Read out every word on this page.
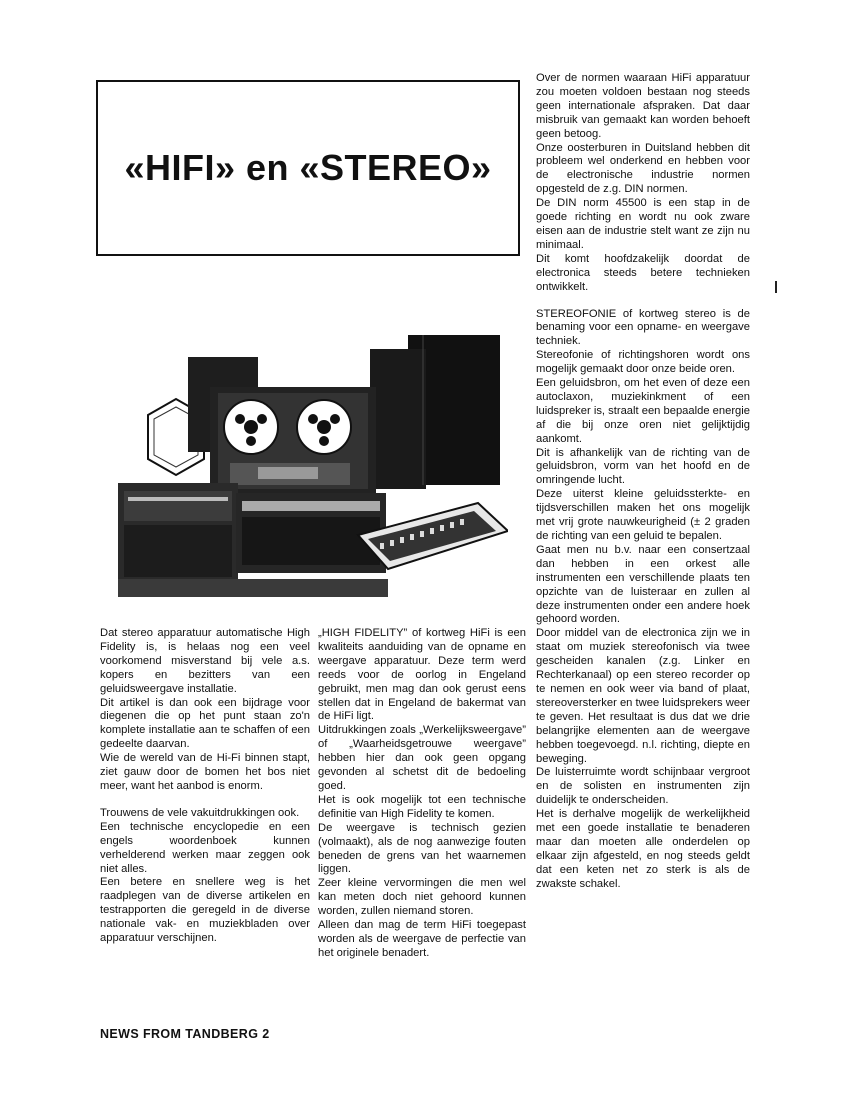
«HIFI» en «STEREO»

Over de normen waaraan HiFi apparatuur zou moeten voldoen bestaan nog steeds geen internationale afspraken. Dat daar misbruik van gemaakt kan worden behoeft geen betoog.

Onze oosterburen in Duitsland hebben dit probleem wel onderkend en hebben voor de electronische industrie normen opgesteld de z.g. DIN normen.

De DIN norm 45500 is een stap in de goede richting en wordt nu ook zware eisen aan de industrie stelt want ze zijn nu minimaal.

Dit komt hoofdzakelijk doordat de electronica steeds betere technieken ontwikkelt.

STEREOFONIE of kortweg stereo is de benaming voor een opname- en weergave techniek.

Stereofonie of richtingshoren wordt ons mogelijk gemaakt door onze beide oren.

Een geluidsbron, om het even of deze een autoclaxon, muziekinkment of een luidspreker is, straalt een bepaalde energie af die bij onze oren niet gelijktijdig aankomt.

Dit is afhankelijk van de richting van de geluidsbron, vorm van het hoofd en de omringende lucht.

Deze uiterst kleine geluidssterkte- en tijdsverschillen maken het ons mogelijk met vrij grote nauwkeurigheid (± 2 graden de richting van een geluid te bepalen.

Gaat men nu b.v. naar een consertzaal dan hebben in een orkest alle instrumenten een verschillende plaats ten opzichte van de luisteraar en zullen al deze instrumenten onder een andere hoek gehoord worden.

Door middel van de electronica zijn we in staat om muziek stereofonisch via twee gescheiden kanalen (z.g. Linker en Rechterkanaal) op een stereo recorder op te nemen en ook weer via band of plaat, stereoversterker en twee luidsprekers weer te geven. Het resultaat is dus dat we drie belangrijke elementen aan de weergave hebben toegevoegd. n.l. richting, diepte en beweging.

De luisterruimte wordt schijnbaar vergroot en de solisten en instrumenten zijn duidelijk te onderscheiden.

Het is derhalve mogelijk de werkelijkheid met een goede installatie te benaderen maar dan moeten alle onderdelen op elkaar zijn afgesteld, en nog steeds geldt dat een keten net zo sterk is als de zwakste schakel.

Dat stereo apparatuur automatische High Fidelity is, is helaas nog een veel voorkomend misverstand bij vele a.s. kopers en bezitters van een geluidsweergave installatie.

Dit artikel is dan ook een bijdrage voor diegenen die op het punt staan zo'n komplete installatie aan te schaffen of een gedeelte daarvan.

Wie de wereld van de Hi-Fi binnen stapt, ziet gauw door de bomen het bos niet meer, want het aanbod is enorm.

Trouwens de vele vakuitdrukkingen ook.

Een technische encyclopedie en een engels woordenboek kunnen verhelderend werken maar zeggen ook niet alles.

Een betere en snellere weg is het raadplegen van de diverse artikelen en testrapporten die geregeld in de diverse nationale vak- en muziekbladen over apparatuur verschijnen.

„HIGH FIDELITY” of kortweg HiFi is een kwaliteits aanduiding van de opname en weergave apparatuur. Deze term werd reeds voor de oorlog in Engeland gebruikt, men mag dan ook gerust eens stellen dat in Engeland de bakermat van de HiFi ligt.

Uitdrukkingen zoals „Werkelijksweergave” of „Waarheidsgetrouwe weergave” hebben hier dan ook geen opgang gevonden al schetst dit de bedoeling goed.

Het is ook mogelijk tot een technische definitie van High Fidelity te komen.

De weergave is technisch gezien (volmaakt), als de nog aanwezige fouten beneden de grens van het waarnemen liggen.

Zeer kleine vervormingen die men wel kan meten doch niet gehoord kunnen worden, zullen niemand storen.

Alleen dan mag de term HiFi toegepast worden als de weergave de perfectie van het originele benadert.

NEWS FROM TANDBERG 2
